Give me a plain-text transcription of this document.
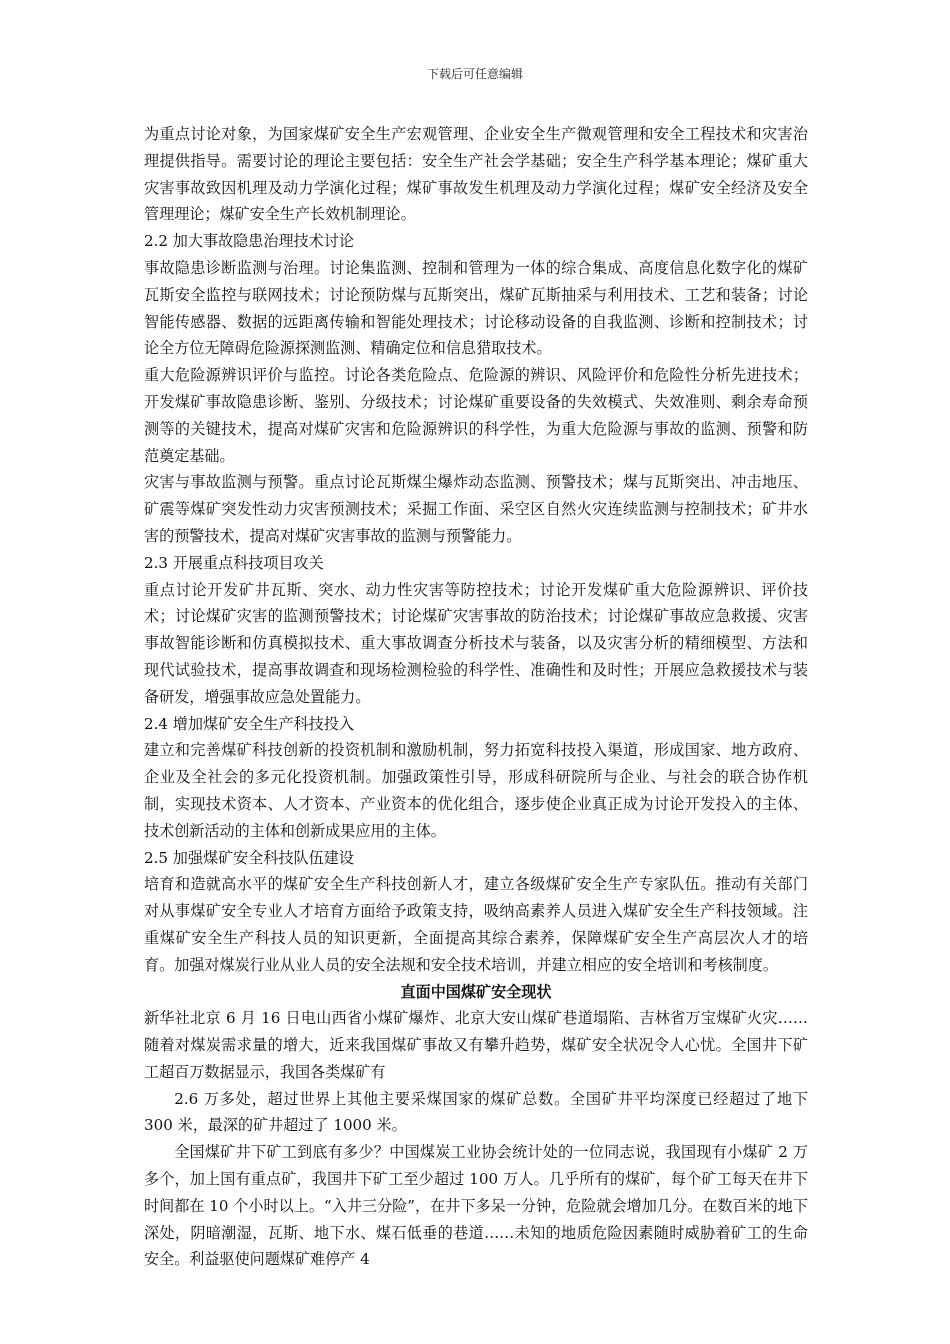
下载后可任意编辑

为重点讨论对象，为国家煤矿安全生产宏观管理、企业安全生产微观管理和安全工程技术和灾害治理提供指导。需要讨论的理论主要包括：安全生产社会学基础；安全生产科学基本理论；煤矿重大灾害事故致因机理及动力学演化过程；煤矿事故发生机理及动力学演化过程；煤矿安全经济及安全管理理论；煤矿安全生产长效机制理论。

2.2 加大事故隐患治理技术讨论

事故隐患诊断监测与治理。讨论集监测、控制和管理为一体的综合集成、高度信息化数字化的煤矿瓦斯安全监控与联网技术；讨论预防煤与瓦斯突出，煤矿瓦斯抽采与利用技术、工艺和装备；讨论智能传感器、数据的远距离传输和智能处理技术；讨论移动设备的自我监测、诊断和控制技术；讨论全方位无障碍危险源探测监测、精确定位和信息猎取技术。

重大危险源辨识评价与监控。讨论各类危险点、危险源的辨识、风险评价和危险性分析先进技术；开发煤矿事故隐患诊断、鉴别、分级技术；讨论煤矿重要设备的失效模式、失效准则、剩余寿命预测等的关键技术，提高对煤矿灾害和危险源辨识的科学性，为重大危险源与事故的监测、预警和防范奠定基础。

灾害与事故监测与预警。重点讨论瓦斯煤尘爆炸动态监测、预警技术；煤与瓦斯突出、冲击地压、矿震等煤矿突发性动力灾害预测技术；采掘工作面、采空区自然火灾连续监测与控制技术；矿井水害的预警技术，提高对煤矿灾害事故的监测与预警能力。

2.3 开展重点科技项目攻关

重点讨论开发矿井瓦斯、突水、动力性灾害等防控技术；讨论开发煤矿重大危险源辨识、评价技术；讨论煤矿灾害的监测预警技术；讨论煤矿灾害事故的防治技术；讨论煤矿事故应急救援、灾害事故智能诊断和仿真模拟技术、重大事故调查分析技术与装备，以及灾害分析的精细模型、方法和现代试验技术，提高事故调查和现场检测检验的科学性、准确性和及时性；开展应急救援技术与装备研发，增强事故应急处置能力。

2.4 增加煤矿安全生产科技投入

建立和完善煤矿科技创新的投资机制和激励机制，努力拓宽科技投入渠道，形成国家、地方政府、企业及全社会的多元化投资机制。加强政策性引导，形成科研院所与企业、与社会的联合协作机制，实现技术资本、人才资本、产业资本的优化组合，逐步使企业真正成为讨论开发投入的主体、技术创新活动的主体和创新成果应用的主体。

2.5 加强煤矿安全科技队伍建设

培育和造就高水平的煤矿安全生产科技创新人才，建立各级煤矿安全生产专家队伍。推动有关部门对从事煤矿安全专业人才培育方面给予政策支持，吸纳高素养人员进入煤矿安全生产科技领域。注重煤矿安全生产科技人员的知识更新，全面提高其综合素养，保障煤矿安全生产高层次人才的培育。加强对煤炭行业从业人员的安全法规和安全技术培训，并建立相应的安全培训和考核制度。

直面中国煤矿安全现状

新华社北京 6 月 16 日电山西省小煤矿爆炸、北京大安山煤矿巷道塌陷、吉林省万宝煤矿火灾……随着对煤炭需求量的增大，近来我国煤矿事故又有攀升趋势，煤矿安全状况令人心忧。全国井下矿工超百万数据显示，我国各类煤矿有

2.6 万多处，超过世界上其他主要采煤国家的煤矿总数。全国矿井平均深度已经超过了地下 300 米，最深的矿井超过了 1000 米。

全国煤矿井下矿工到底有多少？中国煤炭工业协会统计处的一位同志说，我国现有小煤矿 2 万多个，加上国有重点矿，我国井下矿工至少超过 100 万人。几乎所有的煤矿，每个矿工每天在井下时间都在 10 个小时以上。“入井三分险”，在井下多呆一分钟，危险就会增加几分。在数百米的地下深处，阴暗潮湿，瓦斯、地下水、煤石低垂的巷道……未知的地质危险因素随时威胁着矿工的生命安全。利益驱使问题煤矿难停产 4
